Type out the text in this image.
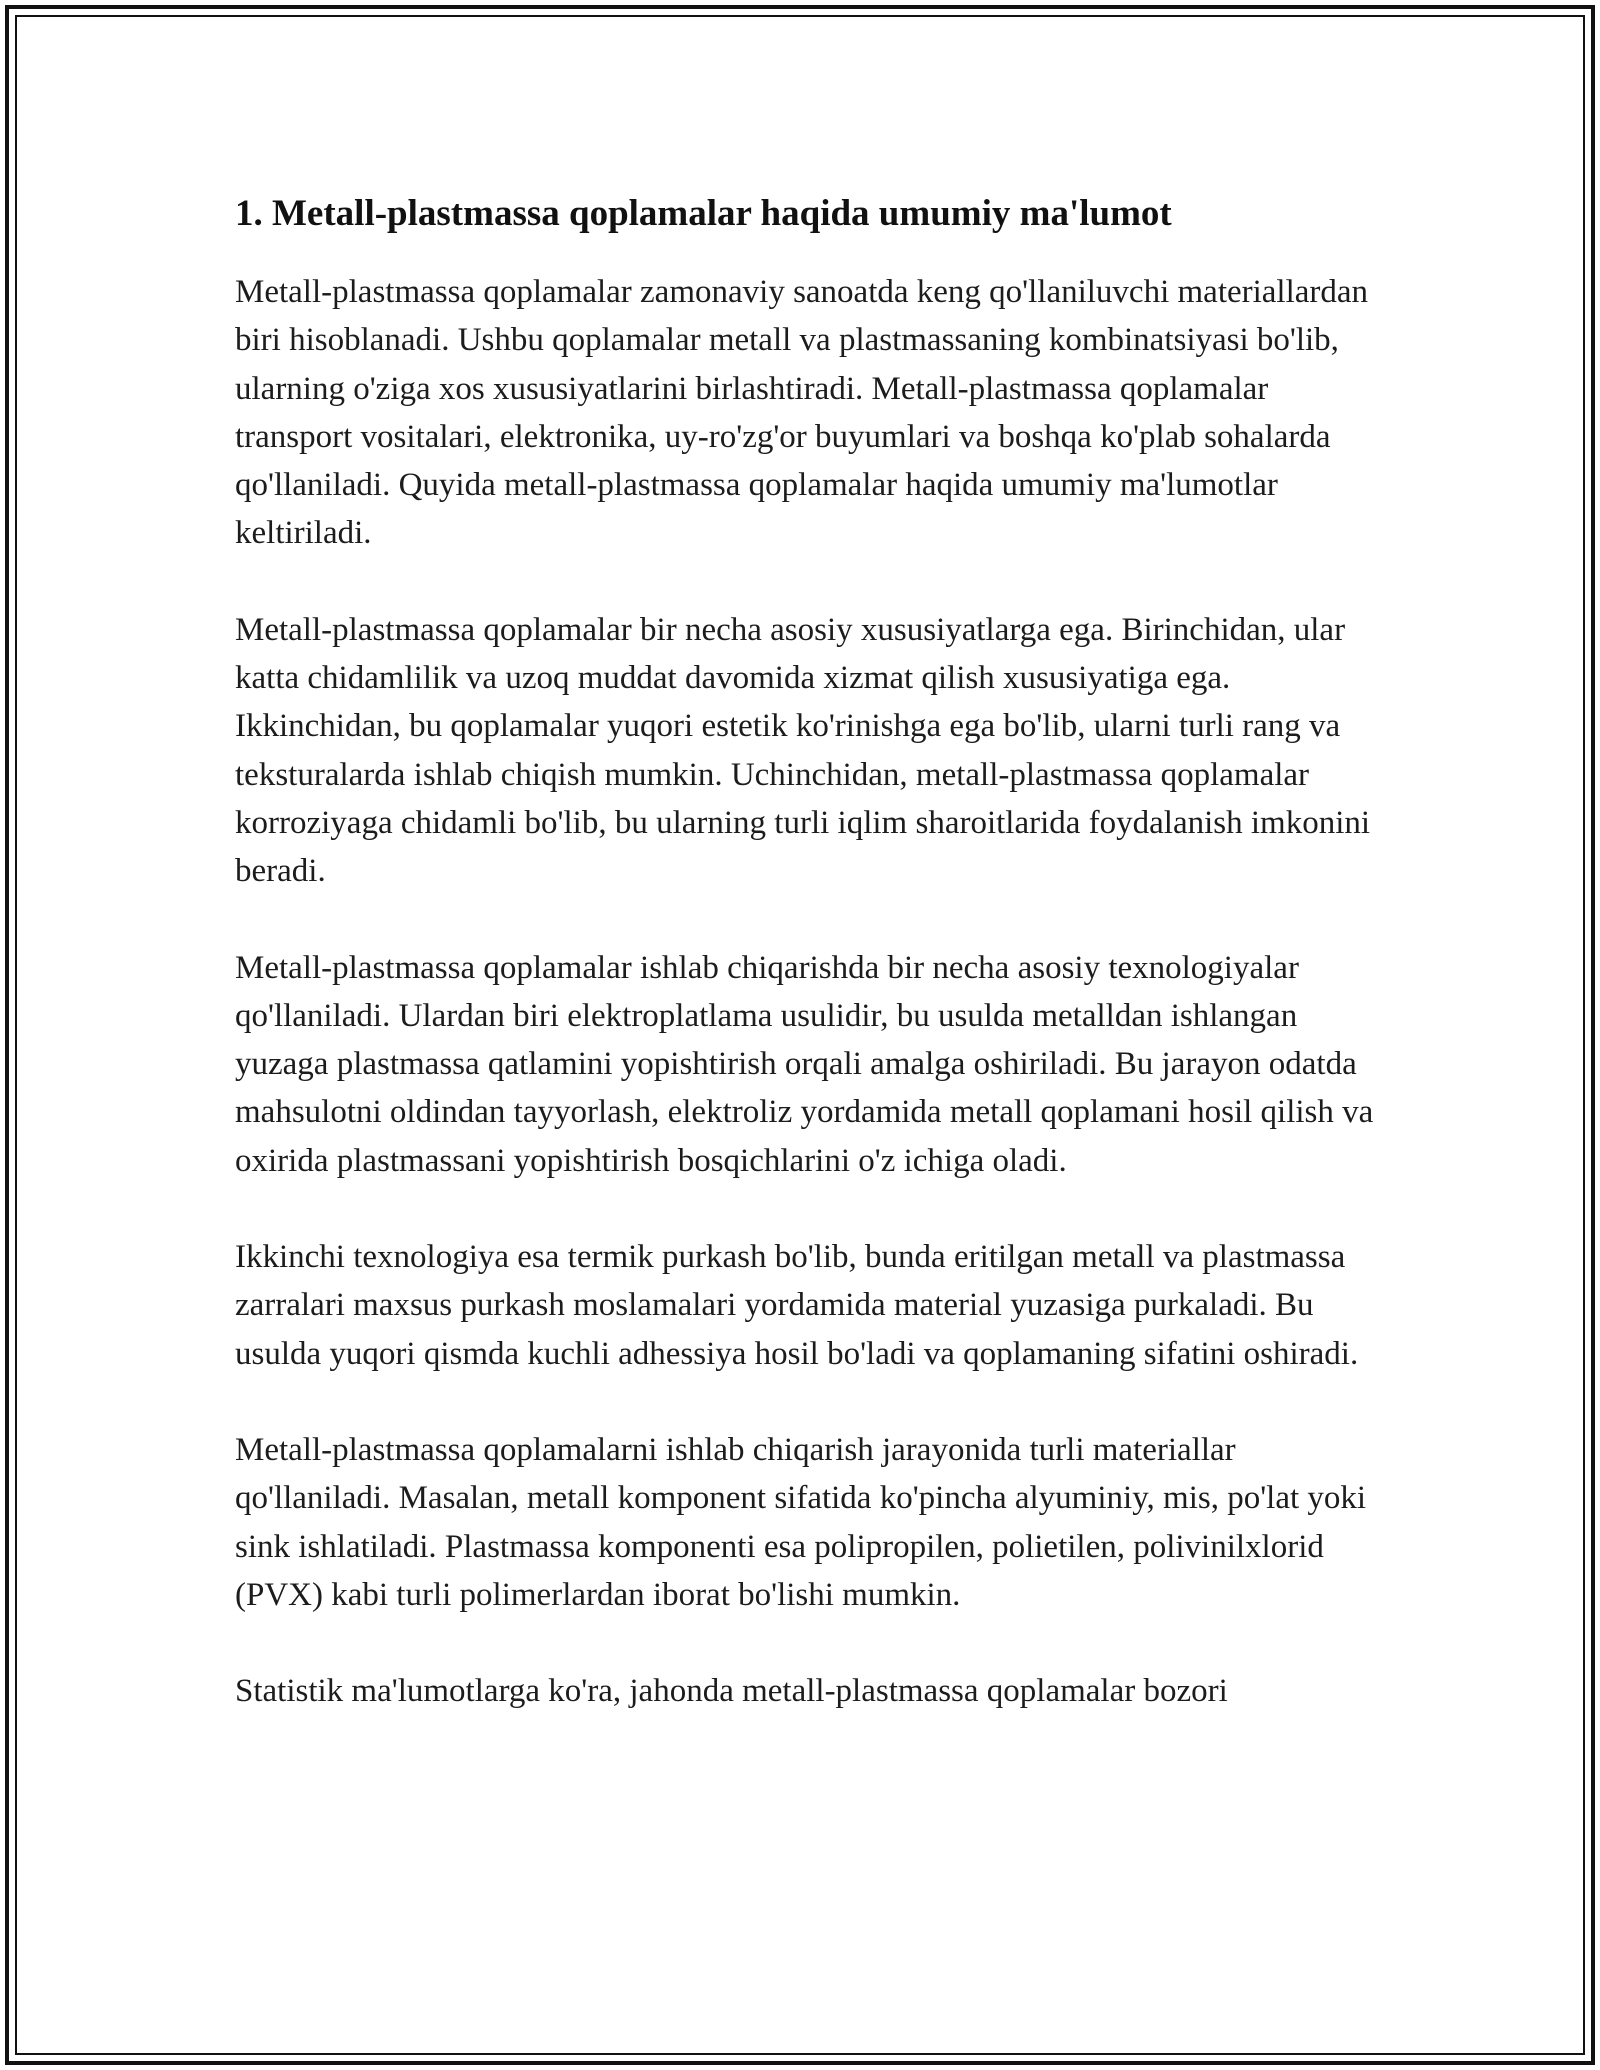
1. Metall-plastmassa qoplamalar haqida umumiy ma'lumot

Metall-plastmassa qoplamalar zamonaviy sanoatda keng qo'llaniluvchi materiallardan biri hisoblanadi. Ushbu qoplamalar metall va plastmassaning kombinatsiyasi bo'lib, ularning o'ziga xos xususiyatlarini birlashtiradi. Metall-plastmassa qoplamalar transport vositalari, elektronika, uy-ro'zg'or buyumlari va boshqa ko'plab sohalarda qo'llaniladi. Quyida metall-plastmassa qoplamalar haqida umumiy ma'lumotlar keltiriladi.

Metall-plastmassa qoplamalar bir necha asosiy xususiyatlarga ega. Birinchidan, ular katta chidamlilik va uzoq muddat davomida xizmat qilish xususiyatiga ega. Ikkinchidan, bu qoplamalar yuqori estetik ko'rinishga ega bo'lib, ularni turli rang va teksturalarda ishlab chiqish mumkin. Uchinchidan, metall-plastmassa qoplamalar korroziyaga chidamli bo'lib, bu ularning turli iqlim sharoitlarida foydalanish imkonini beradi.

Metall-plastmassa qoplamalar ishlab chiqarishda bir necha asosiy texnologiyalar qo'llaniladi. Ulardan biri elektroplatlama usulidir, bu usulda metalldan ishlangan yuzaga plastmassa qatlamini yopishtirish orqali amalga oshiriladi. Bu jarayon odatda mahsulotni oldindan tayyorlash, elektroliz yordamida metall qoplamani hosil qilish va oxirida plastmassani yopishtirish bosqichlarini o'z ichiga oladi.

Ikkinchi texnologiya esa termik purkash bo'lib, bunda eritilgan metall va plastmassa zarralari maxsus purkash moslamalari yordamida material yuzasiga purkaladi. Bu usulda yuqori qismda kuchli adhessiya hosil bo'ladi va qoplamaning sifatini oshiradi.

Metall-plastmassa qoplamalarni ishlab chiqarish jarayonida turli materiallar qo'llaniladi. Masalan, metall komponent sifatida ko'pincha alyuminiy, mis, po'lat yoki sink ishlatiladi. Plastmassa komponenti esa polipropilen, polietilen, polivinilxlorid (PVX) kabi turli polimerlardan iborat bo'lishi mumkin.

Statistik ma'lumotlarga ko'ra, jahonda metall-plastmassa qoplamalar bozori
